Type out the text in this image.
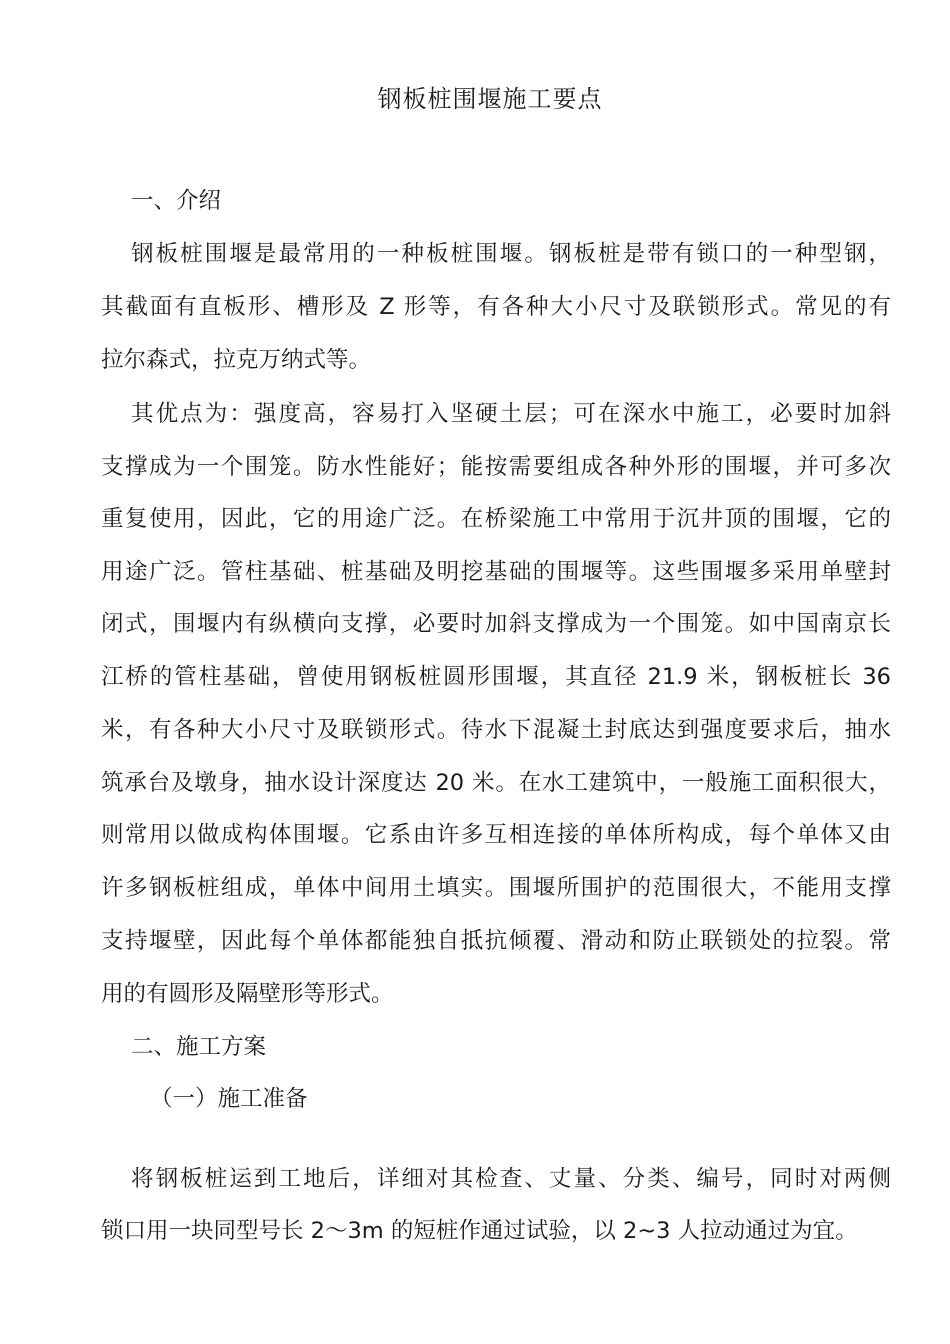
钢板桩围堰施工要点
一、介绍
钢板桩围堰是最常用的一种板桩围堰。钢板桩是带有锁口的一种型钢，
其截面有直板形、槽形及 Z 形等，有各种大小尺寸及联锁形式。常见的有
拉尔森式，拉克万纳式等。
其优点为：强度高，容易打入坚硬土层；可在深水中施工，必要时加斜
支撑成为一个围笼。防水性能好；能按需要组成各种外形的围堰，并可多次
重复使用，因此，它的用途广泛。在桥梁施工中常用于沉井顶的围堰，它的
用途广泛。管柱基础、桩基础及明挖基础的围堰等。这些围堰多采用单壁封
闭式，围堰内有纵横向支撑，必要时加斜支撑成为一个围笼。如中国南京长
江桥的管柱基础，曾使用钢板桩圆形围堰，其直径 21.9 米，钢板桩长 36
米，有各种大小尺寸及联锁形式。待水下混凝土封底达到强度要求后，抽水
筑承台及墩身，抽水设计深度达 20 米。在水工建筑中，一般施工面积很大，
则常用以做成构体围堰。它系由许多互相连接的单体所构成，每个单体又由
许多钢板桩组成，单体中间用土填实。围堰所围护的范围很大，不能用支撑
支持堰壁，因此每个单体都能独自抵抗倾覆、滑动和防止联锁处的拉裂。常
用的有圆形及隔壁形等形式。
二、施工方案
（一）施工准备
将钢板桩运到工地后，详细对其检查、丈量、分类、编号，同时对两侧
锁口用一块同型号长 2～3m 的短桩作通过试验，以 2~3 人拉动通过为宜。
